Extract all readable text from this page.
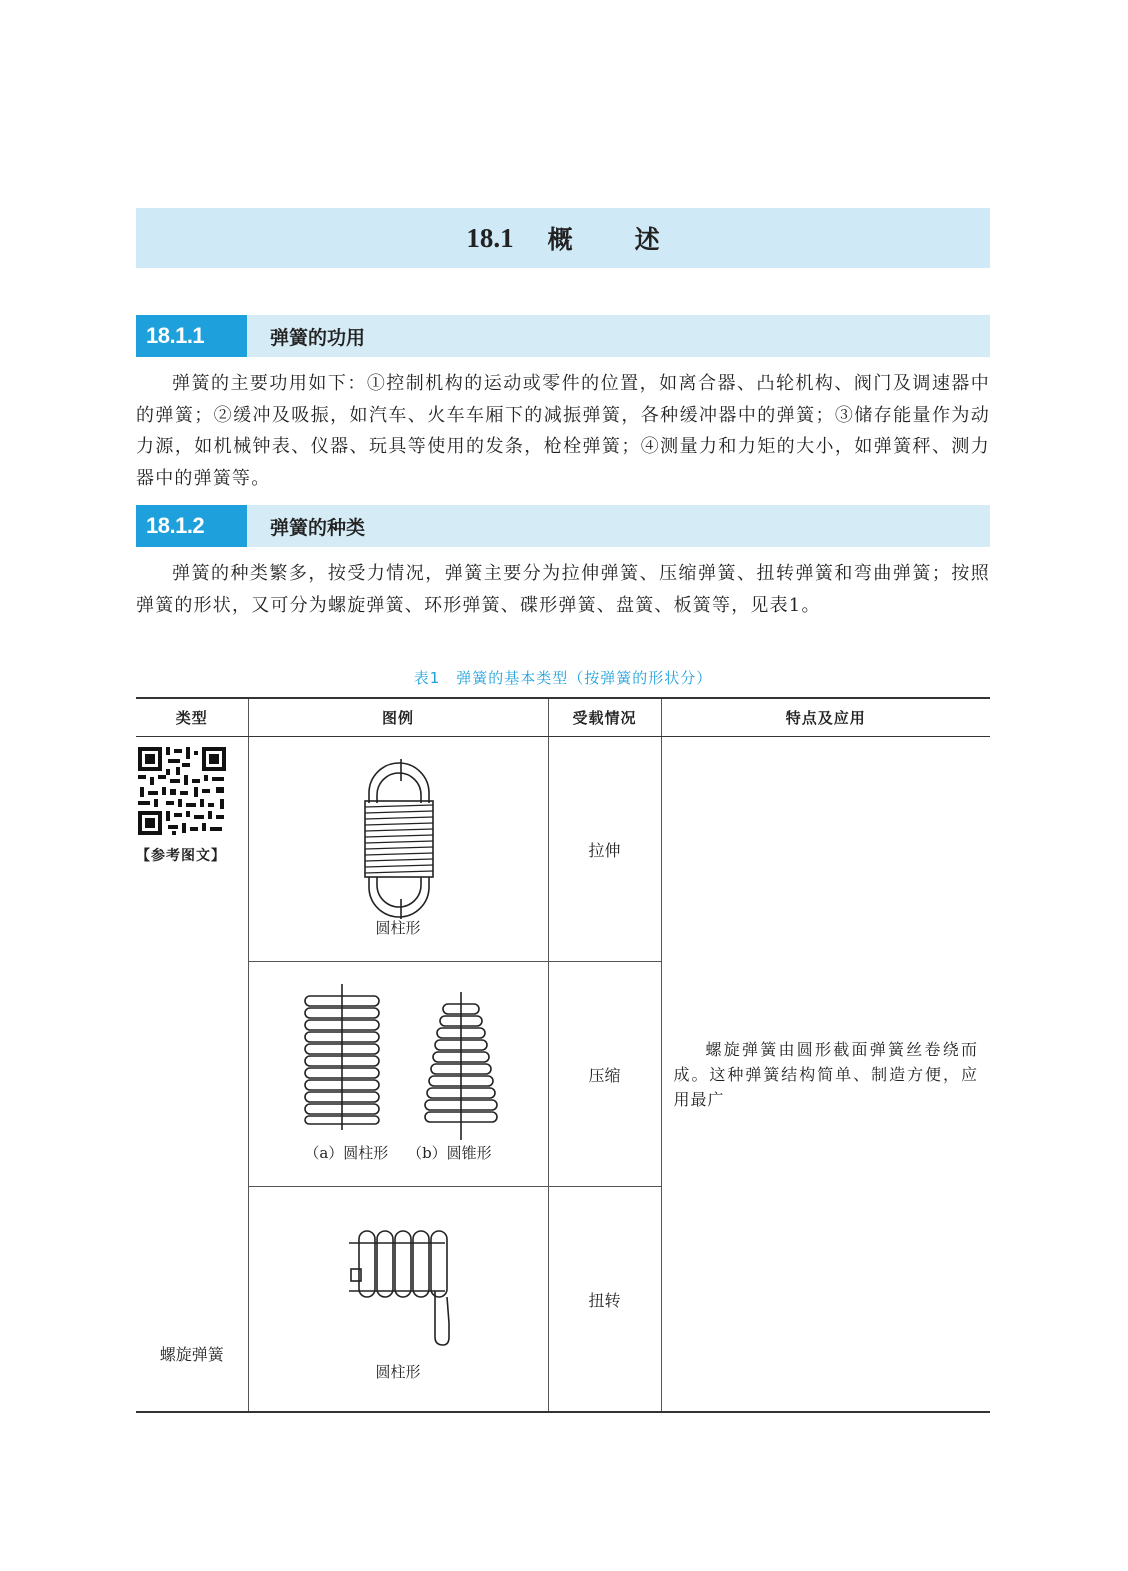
18.1 概述
18.1.1	弹簧的功用

弹簧的主要功用如下：①控制机构的运动或零件的位置，如离合器、凸轮机构、阀门及调速器中的弹簧；②缓冲及吸振，如汽车、火车车厢下的减振弹簧，各种缓冲器中的弹簧；③储存能量作为动力源，如机械钟表、仪器、玩具等使用的发条，枪栓弹簧；④测量力和力矩的大小，如弹簧秤、测力器中的弹簧等。

18.1.2	弹簧的种类

弹簧的种类繁多，按受力情况，弹簧主要分为拉伸弹簧、压缩弹簧、扭转弹簧和弯曲弹簧；按照弹簧的形状，又可分为螺旋弹簧、环形弹簧、碟形弹簧、盘簧、板簧等，见表1。

表1 弹簧的基本类型（按弹簧的形状分）
类型	图例	受载情况	特点及应用

【参考图文】
螺旋弹簧	圆柱形	拉伸	螺旋弹簧由圆形截面弹簧丝卷绕而成。这种弹簧结构简单、制造方便，应用最广

	（a）圆柱形 （b）圆锥形	压缩	

	圆柱形	扭转	
